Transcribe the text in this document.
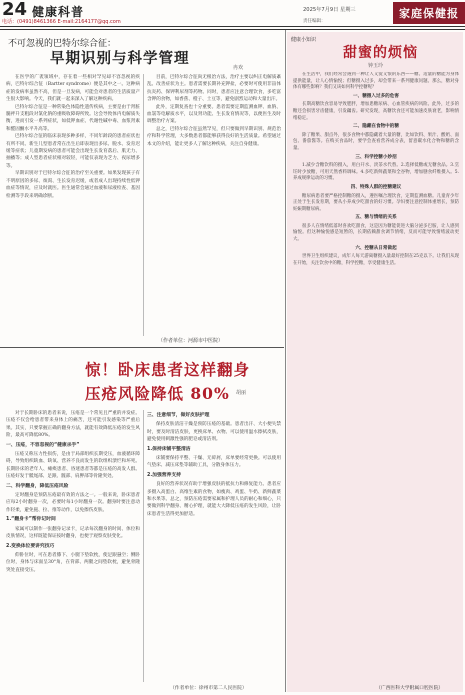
24 健康科普
电话：(0491)8461366 E-mail:2164177@qq.com
2025年7月9日 星期三
责任编辑：
家庭保健报
不可忽视的巴特尔综合征：
早期识别与科学管理
冉欢

在医学的广袤领域中，存在着一些相对罕见却不容忽视的疾病，巴特尔综合征（Bartter syndrome）便是其中之一。这种病症的发病率虽然不高，但是一旦发病，可能会对患者的生活质量产生很大影响。今天，我们就一起来深入了解这种疾病。

巴特尔综合征是一种常染色体隐性遗传疾病，主要是由于肾脏髓袢升支粗段对氯化钠的重吸收障碍所致。这会导致体内电解质失衡，进而引发一系列症状，如低钾血症、代谢性碱中毒、血浆肾素和醛固酮水平升高等。

巴特尔综合征的临床表现多种多样，不同年龄段的患者症状也有所不同。新生儿型患者常在出生后即表现出多尿、脱水、发育迟缓等症状；儿童期发病的患者可能会出现生长发育落后、肌无力、抽搐等；成人型患者症状相对较轻，可能仅表现为乏力、夜尿增多等。

早期识别对于巴特尔综合征的治疗至关重要。如果发现孩子有不明原因的多尿、烦渴、生长发育迟缓，或者成人出现持续性低钾血症等情况，应及时就医。医生通常会通过血液和尿液检查、基因检测等手段来明确诊断。

目前，巴特尔综合征尚无根治方法，治疗主要以纠正电解质紊乱、改善症状为主。患者需要长期补充钾盐，必要时可使用非甾体抗炎药、保钾利尿剂等药物。同时，患者应注意合理饮食，多吃富含钾的食物，如香蕉、橙子、土豆等，避免剧烈运动和大量出汗。

此外，定期复查也十分重要。患者需要定期监测血钾、血钠、血氯等电解质水平，以及肾功能、生长发育情况等，以便医生及时调整治疗方案。

总之，巴特尔综合征虽然罕见，但只要做到早期识别、规范治疗和科学管理，大多数患者都能够获得良好的生活质量。希望通过本文的介绍，能让更多人了解这种疾病，关注自身健康。

（作者单位：河源市中医院）
惊！卧床患者这样翻身
压疮风险降低 80% 胡丽

对于长期卧床的患者来说，压疮是一个常见且严重的并发症。压疮不仅会给患者带来身体上的痛苦，还可能引发感染等严重后果。其实，只要掌握正确的翻身方法，就能有效降低压疮的发生风险，最高可降低80%。

一、压疮，不容忽视的“健康杀手”

压疮又称压力性损伤，是由于局部组织长期受压，血液循环障碍，导致组织缺血、缺氧、营养不良而发生的软组织溃烂和坏死。长期卧床的老年人、瘫痪患者、昏迷患者等都是压疮的高发人群。压疮好发于骶尾部、足跟、髋部、肩胛部等骨隆突处。

二、科学翻身，降低压疮风险

定时翻身是预防压疮最有效的方法之一。一般来说，卧床患者应每2小时翻身一次，必要时每1小时翻身一次。翻身时要注意动作轻柔，避免拖、拉、推等动作，以免擦伤皮肤。

1.“翻身卡”帮你记时间

家属可以制作一张翻身记录卡，记录每次翻身的时间、体位和皮肤情况，这样既能保证按时翻身，也便于观察皮肤变化。

2.变换体位要讲究技巧

仰卧位时，可在患者膝下、小腿下垫软枕，使足跟悬空；侧卧位时，身体与床面呈30°角，在背部、两腿之间垫软枕，避免骨隆突处直接受压。

三、注意细节，做好皮肤护理

保持皮肤清洁干燥是预防压疮的基础。患者出汗、大小便失禁时，要及时清洁皮肤，更换床单、衣物。可以使用温水擦拭皮肤，避免使用刺激性强的肥皂或清洁剂。

1.保持床铺平整清洁

床铺要保持平整、干燥、无碎屑，床单要经常更换。可以使用气垫床、减压床垫等辅助工具，分散身体压力。

2.加强营养支持

良好的营养状况有助于增强皮肤的抵抗力和修复能力。患者应多摄入高蛋白、高维生素的食物，如瘦肉、鸡蛋、牛奶、新鲜蔬菜和水果等。总之，预防压疮需要家属和护理人员的耐心和细心，只要做到科学翻身、精心护理，就能大大降低压疮的发生风险，让卧床患者生活得更加舒适。

（作者单位：徐州市第二人民医院）
健康小知识
甜蜜的烦恼
钟玉玲

在生活中，我们经常会遇到一种让人又爱又恨的东西——糖。适量的糖能为身体提供能量，让人心情愉悦；但糖摄入过多，却会带来一系列健康问题。那么，糖对身体有哪些影响？我们又该如何科学控糖呢？

一、糖摄入过多的危害

长期高糖饮食容易导致肥胖，增加患糖尿病、心血管疾病的风险。此外，过多的糖还会损害牙齿健康，引发龋齿。研究发现，高糖饮食还可能加速皮肤衰老，影响情绪稳定。

二、隐藏在食物中的糖

除了糖果、甜点外，很多食物中都隐藏着大量的糖，比如饮料、果汁、酸奶、面包、番茄酱等。在购买食品时，要学会查看营养成分表，留意碳水化合物和糖的含量。

三、科学控糖小妙招

1.减少含糖饮料的摄入，用白开水、淡茶水代替。2.选择低糖或无糖食品。3.烹饪时少放糖，可用天然香料调味。4.多吃新鲜蔬菜和全谷物，增加膳食纤维摄入。5.养成规律运动的习惯。

四、特殊人群的控糖建议

糖尿病患者要严格控制糖的摄入，遵医嘱合理饮食，定期监测血糖。儿童青少年正处于生长发育期，要从小养成少吃甜食的好习惯。孕妇要注意控制体重增长，预防妊娠期糖尿病。

五、糖与情绪的关系

很多人在情绪低落时喜欢吃甜食，这是因为糖能促进大脑分泌多巴胺，让人感到愉悦。但这种愉悦感是短暂的，长期依赖甜食调节情绪，反而可能导致情绪波动更大。

六、控糖从日常做起

世界卫生组织建议，成年人每天游离糖摄入量最好控制在25克以下。让我们从现在开始，关注饮食中的糖，科学控糖，享受健康生活。

（广西医科大学附属口腔医院）
